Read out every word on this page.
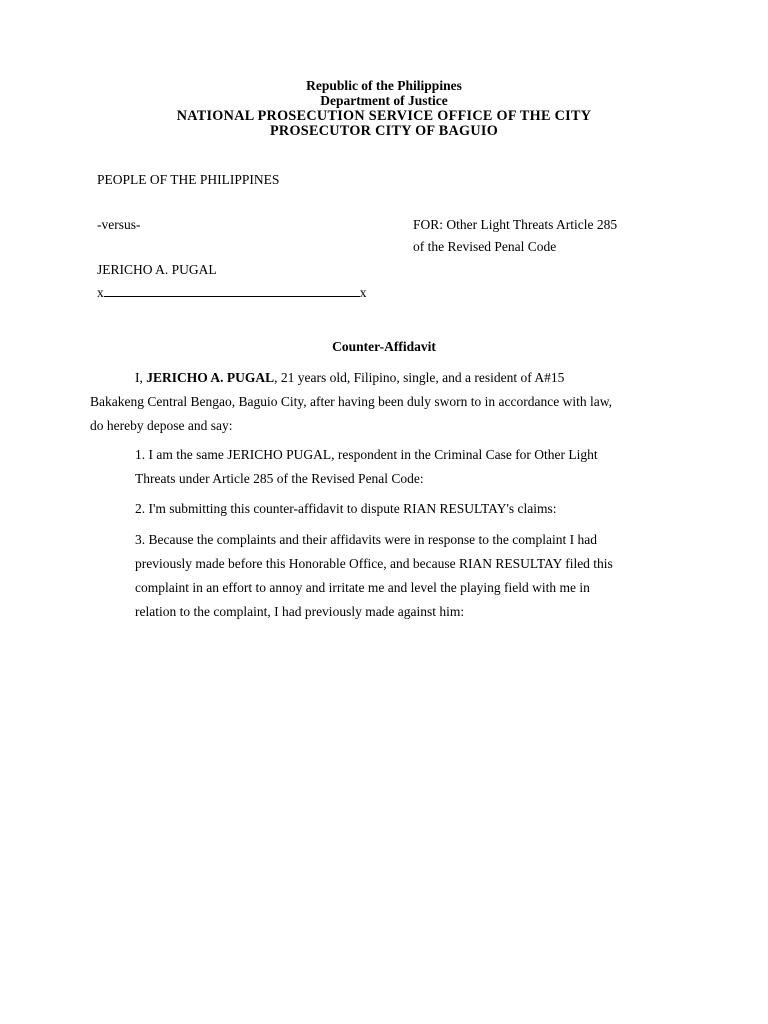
Republic of the Philippines
Department of Justice
NATIONAL PROSECUTION SERVICE OFFICE OF THE CITY
PROSECUTOR CITY OF BAGUIO
PEOPLE OF THE PHILIPPINES
-versus-	FOR: Other Light Threats Article 285
of the Revised Penal Code
JERICHO A. PUGAL
x	x
Counter-Affidavit
I, JERICHO A. PUGAL, 21 years old, Filipino, single, and a resident of A#15
Bakakeng Central Bengao, Baguio City, after having been duly sworn to in accordance with law,
do hereby depose and say:
1. I am the same JERICHO PUGAL, respondent in the Criminal Case for Other Light
Threats under Article 285 of the Revised Penal Code:
2. I'm submitting this counter-affidavit to dispute RIAN RESULTAY's claims:
3. Because the complaints and their affidavits were in response to the complaint I had
previously made before this Honorable Office, and because RIAN RESULTAY filed this
complaint in an effort to annoy and irritate me and level the playing field with me in
relation to the complaint, I had previously made against him:
